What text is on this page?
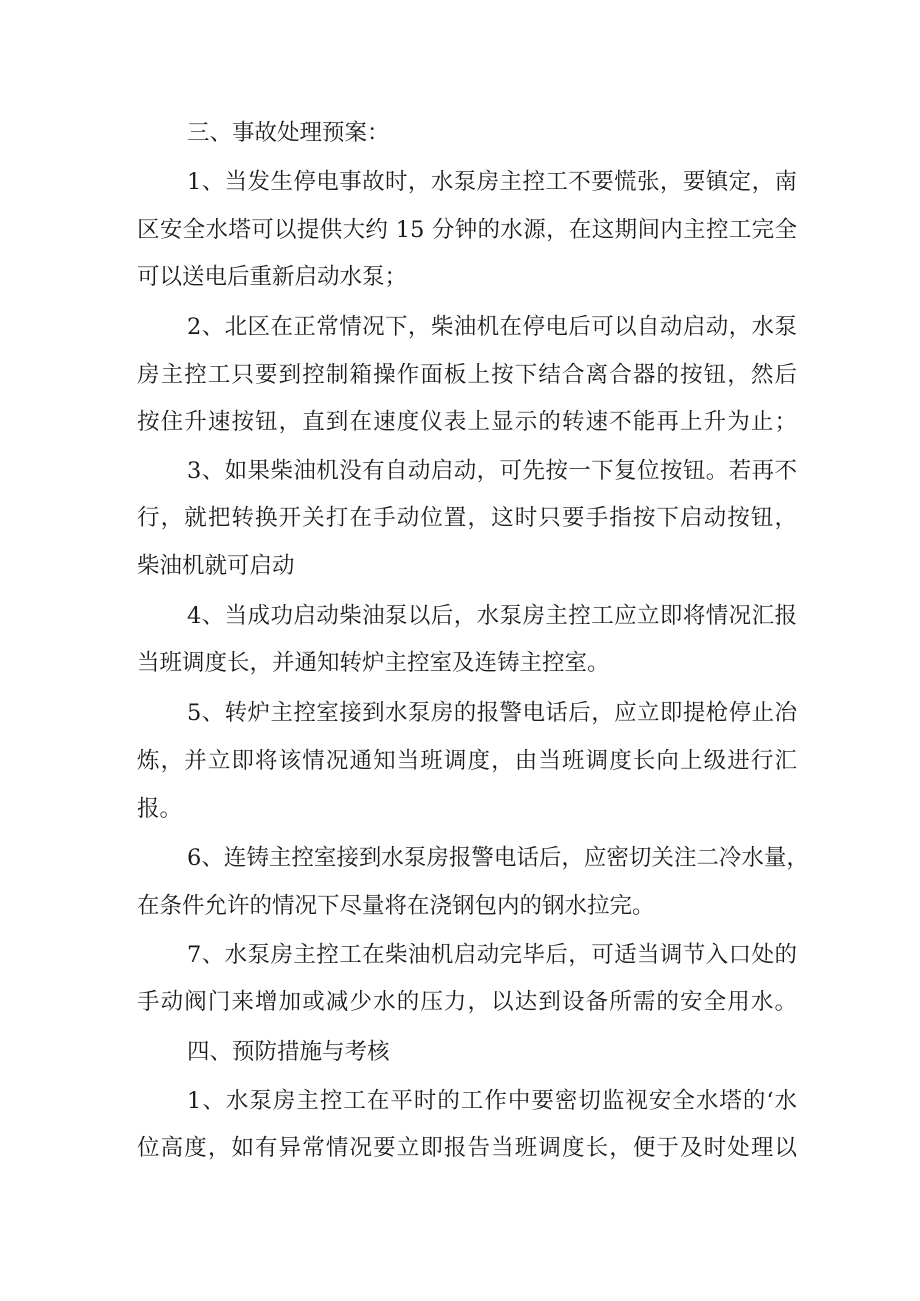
三、事故处理预案：
1、当发生停电事故时，水泵房主控工不要慌张，要镇定，南
区安全水塔可以提供大约 15 分钟的水源，在这期间内主控工完全
可以送电后重新启动水泵；
2、北区在正常情况下，柴油机在停电后可以自动启动，水泵
房主控工只要到控制箱操作面板上按下结合离合器的按钮，然后
按住升速按钮，直到在速度仪表上显示的转速不能再上升为止；
3、如果柴油机没有自动启动，可先按一下复位按钮。若再不
行，就把转换开关打在手动位置，这时只要手指按下启动按钮，
柴油机就可启动
4、当成功启动柴油泵以后，水泵房主控工应立即将情况汇报
当班调度长，并通知转炉主控室及连铸主控室。
5、转炉主控室接到水泵房的报警电话后，应立即提枪停止冶
炼，并立即将该情况通知当班调度，由当班调度长向上级进行汇
报。
6、连铸主控室接到水泵房报警电话后，应密切关注二冷水量，
在条件允许的情况下尽量将在浇钢包内的钢水拉完。
7、水泵房主控工在柴油机启动完毕后，可适当调节入口处的
手动阀门来增加或减少水的压力，以达到设备所需的安全用水。
四、预防措施与考核
1、水泵房主控工在平时的工作中要密切监视安全水塔的‘水
位高度，如有异常情况要立即报告当班调度长，便于及时处理以
